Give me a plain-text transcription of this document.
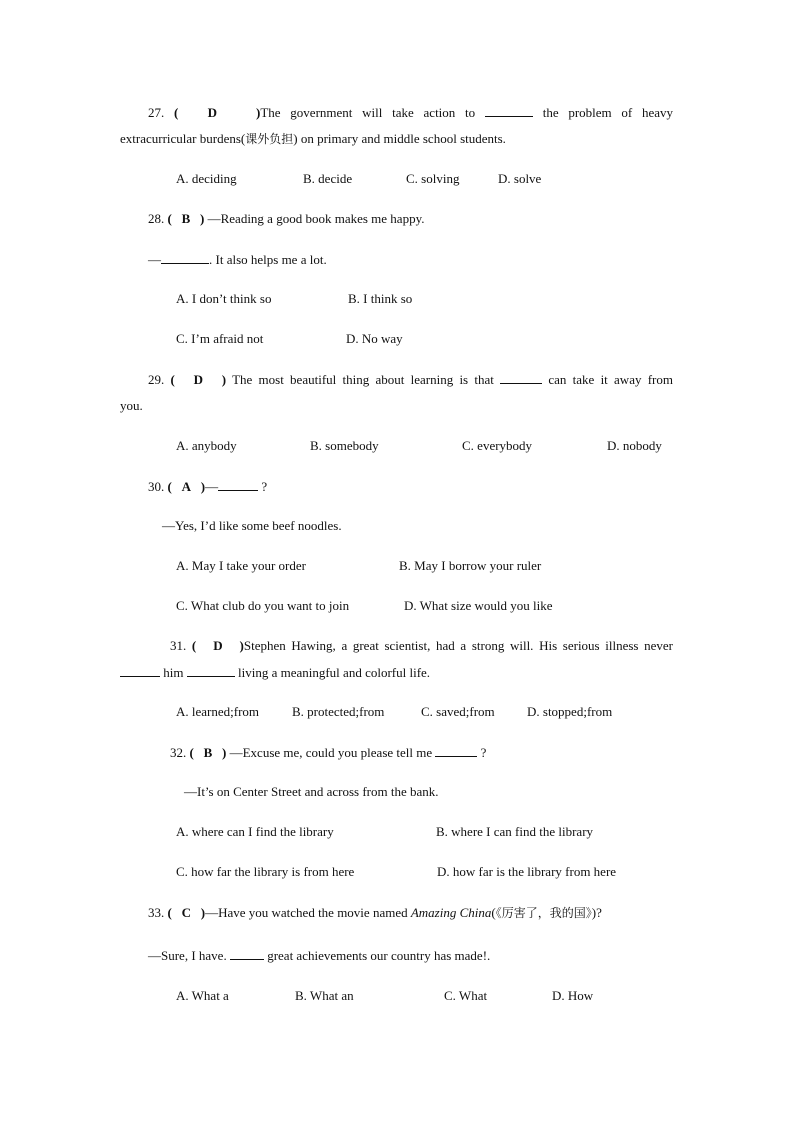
27. (   D    )The government will take action to	the problem of heavy
extracurricular burdens(课外负担) on primary and middle school students.
A. deciding	B. decide	C. solving	D. solve
28. (   B   ) —Reading a good book makes me happy.
—	. It also helps me a lot.
A. I don’t think so	B. I think so
C. I’m afraid not	D. No way
29. (   D   ) The most beautiful thing about learning is that	can take it away from
you.
A. anybody	B. somebody	C. everybody	D. nobody
30. (   A   )—	?
—Yes, I’d like some beef noodles.
A. May I take your order	B. May I borrow your ruler
C. What club do you want to join	D. What size would you like
31. (   D   )Stephen Hawing, a great scientist, had a strong will. His serious illness never
him	living a meaningful and colorful life.
A. learned;from	B. protected;from	C. saved;from D. stopped;from
32. (   B   ) —Excuse me, could you please tell me	?
—It’s on Center Street and across from the bank.
A. where can I find the library	B. where I can find the library
C. how far the library is from here	D. how far is the library from here
33. (   C   )—Have you watched the movie named Amazing China(《厉害了，我的国》)?
—Sure, I have.	great achievements our country has made!.
A. What a	B. What an	C. What	D. How
